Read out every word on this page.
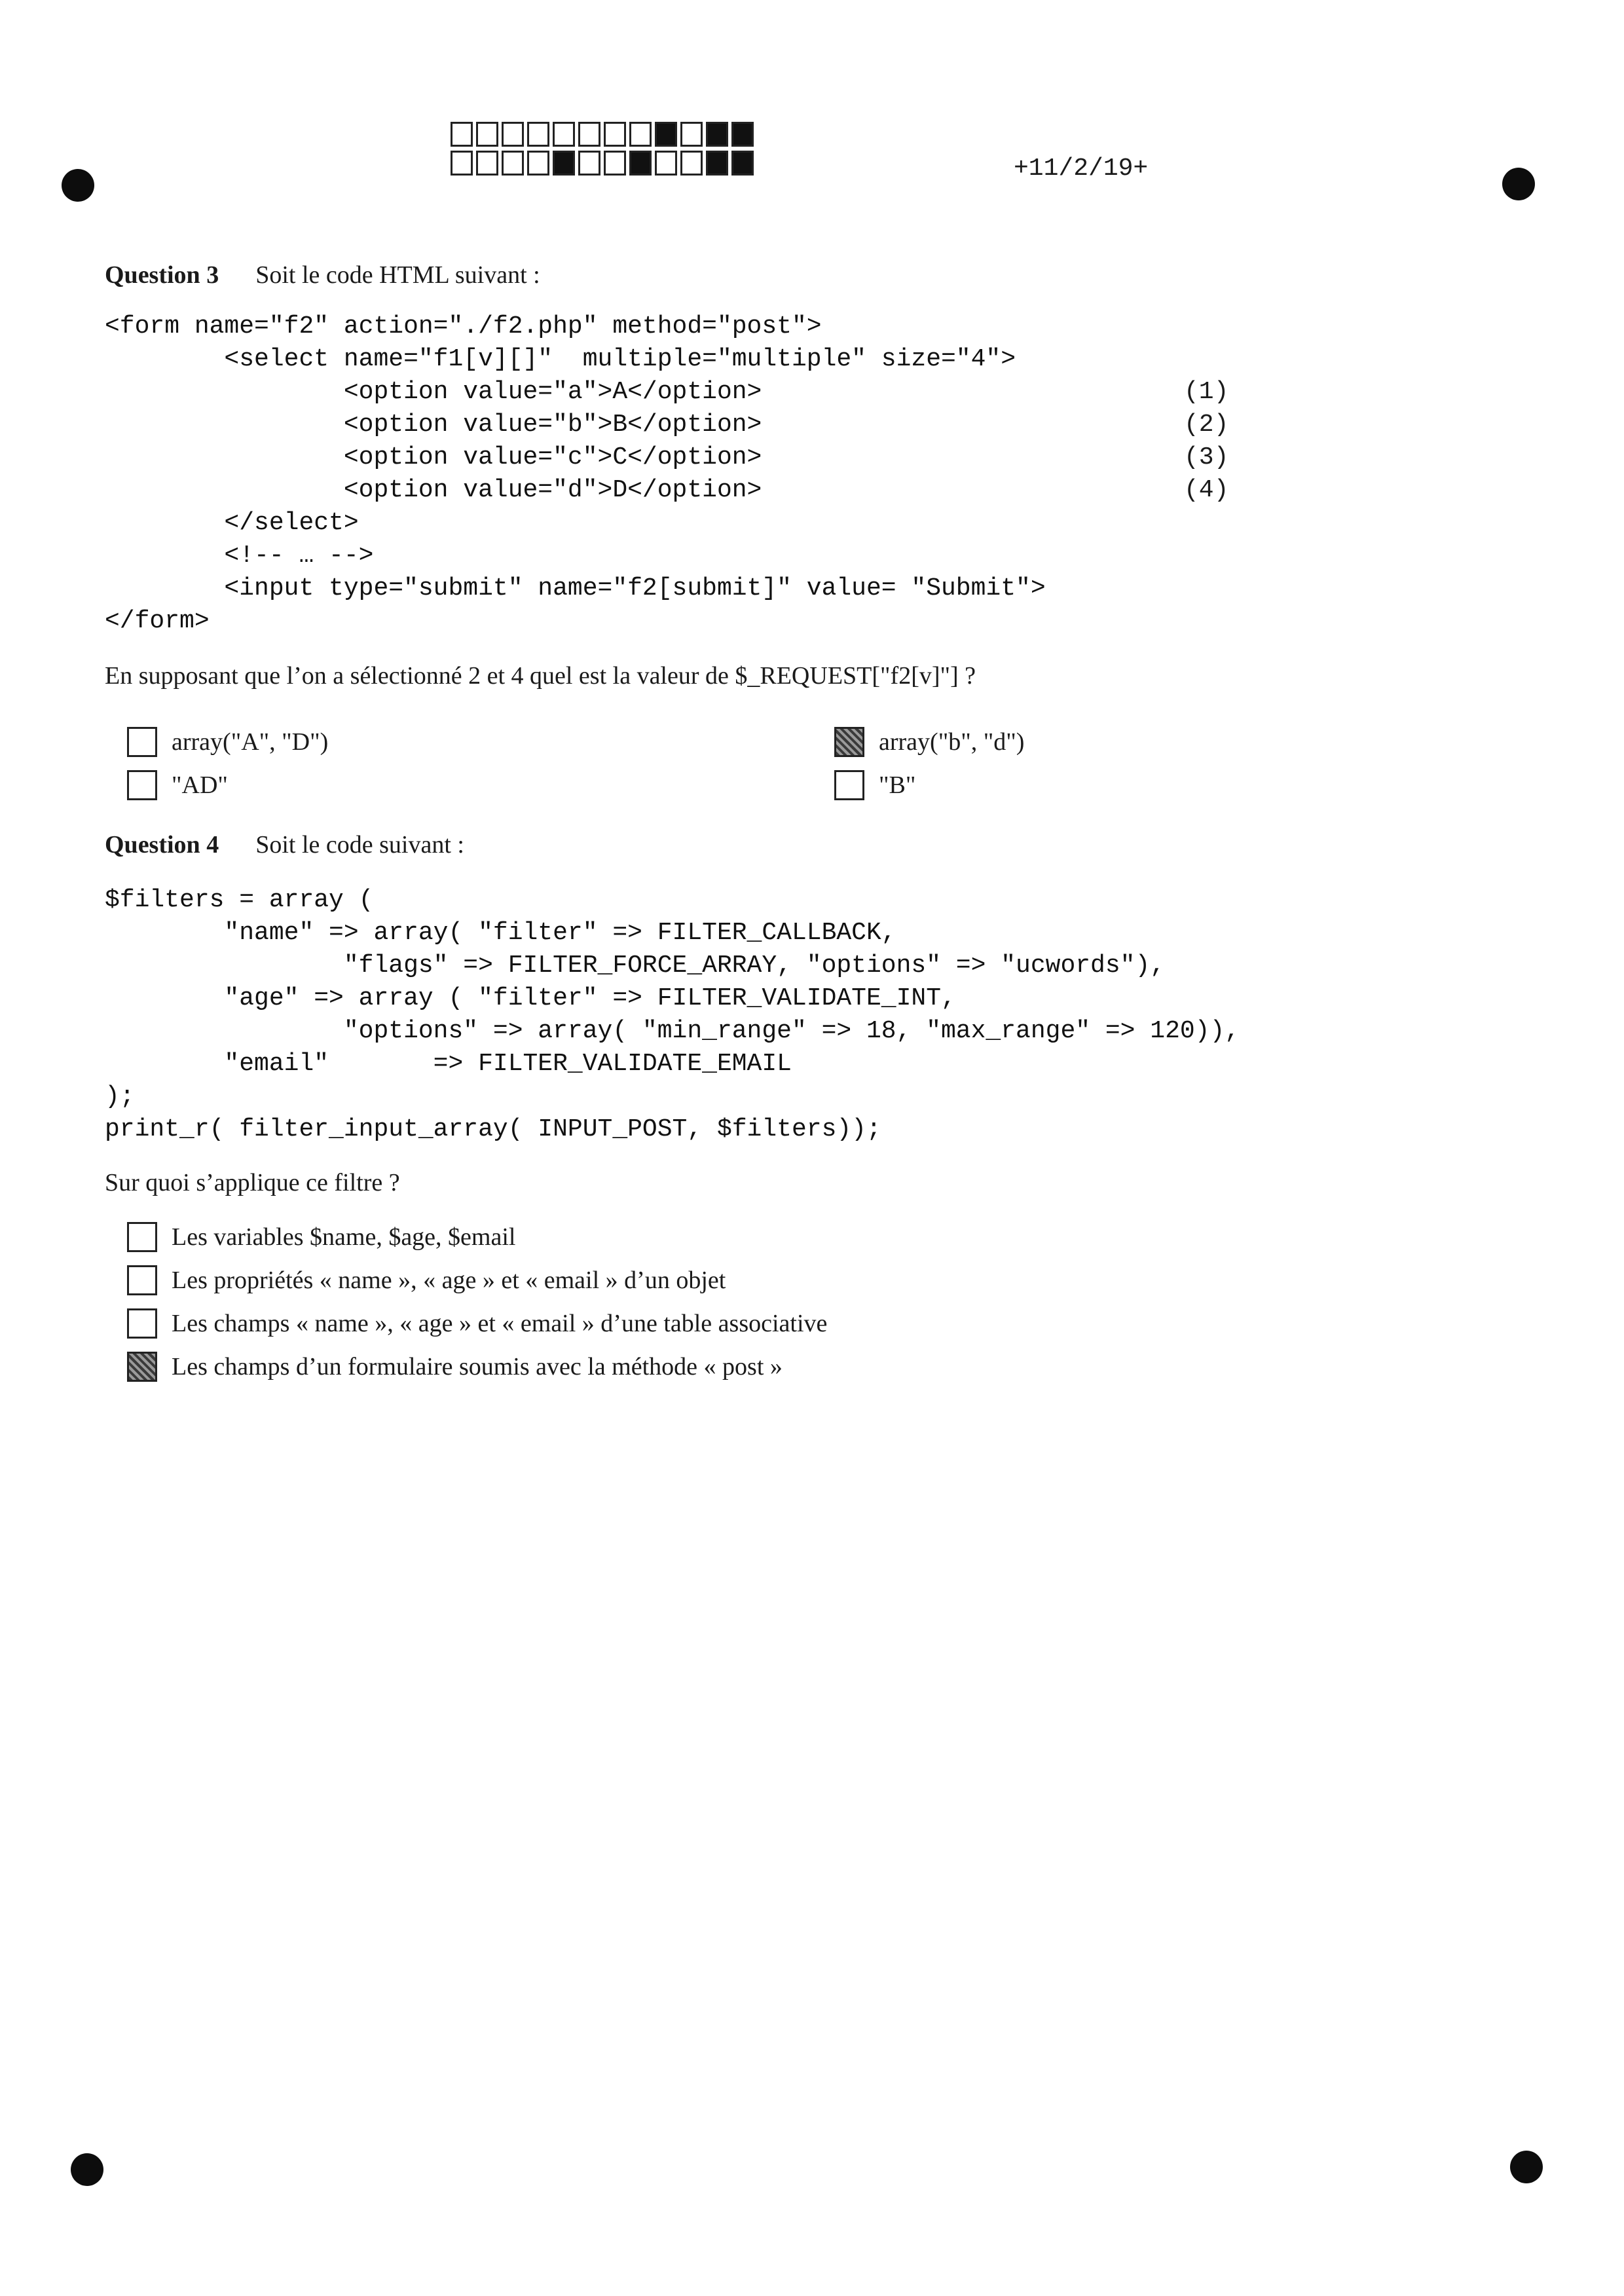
+11/2/19+
Question 3 Soit le code HTML suivant :
<form name="f2" action="./f2.php" method="post">
<select name="f1[v][]"  multiple="multiple" size="4">
<option value="a">A</option>
<option value="b">B</option>
<option value="c">C</option>
<option value="d">D</option>
</select>
<!-- … -->
<input type="submit" name="f2[submit]" value= "Submit">
</form>
(1)
(2)
(3)
(4)
En supposant que l’on a sélectionné 2 et 4 quel est la valeur de $_REQUEST["f2[v]"] ?
array("A", "D")	array("b", "d")
"AD"	"B"
Question 4 Soit le code suivant :
$filters = array (
"name" => array( "filter" => FILTER_CALLBACK,
"flags" => FILTER_FORCE_ARRAY, "options" => "ucwords"),
"age" => array ( "filter" => FILTER_VALIDATE_INT,
"options" => array( "min_range" => 18, "max_range" => 120)),
"email"       => FILTER_VALIDATE_EMAIL
);
print_r( filter_input_array( INPUT_POST, $filters));
Sur quoi s’applique ce filtre ?
Les variables $name, $age, $email
Les propriétés « name », « age » et « email » d’un objet
Les champs « name », « age » et « email » d’une table associative
Les champs d’un formulaire soumis avec la méthode « post »
